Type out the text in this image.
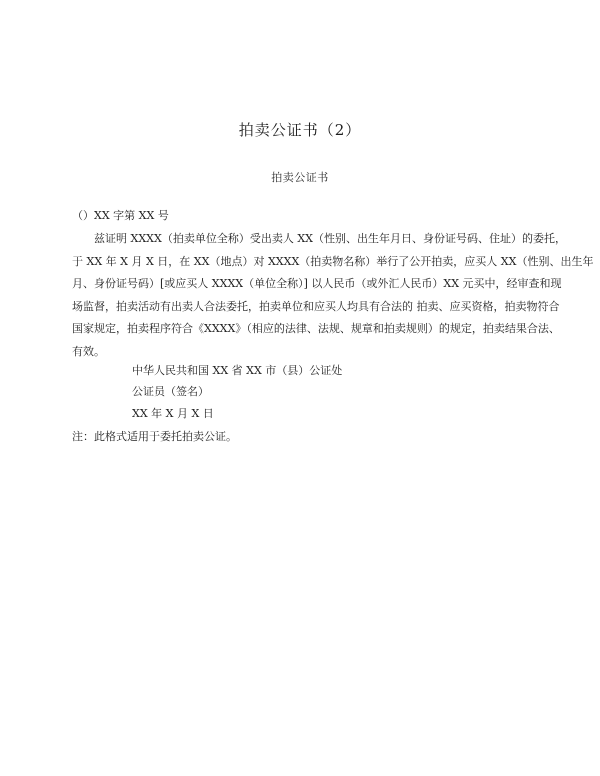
拍卖公证书（2）
拍卖公证书
（）XX 字第 XX 号
兹证明 XXXX（拍卖单位全称）受出卖人 XX（性别、出生年月日、身份证号码、住址）的委托，
于 XX 年 X 月 X 日，在 XX（地点）对 XXXX（拍卖物名称）举行了公开拍卖，应买人 XX（性别、出生年
月、身份证号码）[或应买人 XXXX（单位全称）] 以人民币（或外汇人民币）XX 元买中，经审查和现
场监督，拍卖活动有出卖人合法委托，拍卖单位和应买人均具有合法的 拍卖、应买资格，拍卖物符合
国家规定，拍卖程序符合《XXXX》（相应的法律、法规、规章和拍卖规则）的规定，拍卖结果合法、
有效。
中华人民共和国 XX 省 XX 市（县）公证处
公证员（签名）
XX 年 X 月 X 日
注：此格式适用于委托拍卖公证。
